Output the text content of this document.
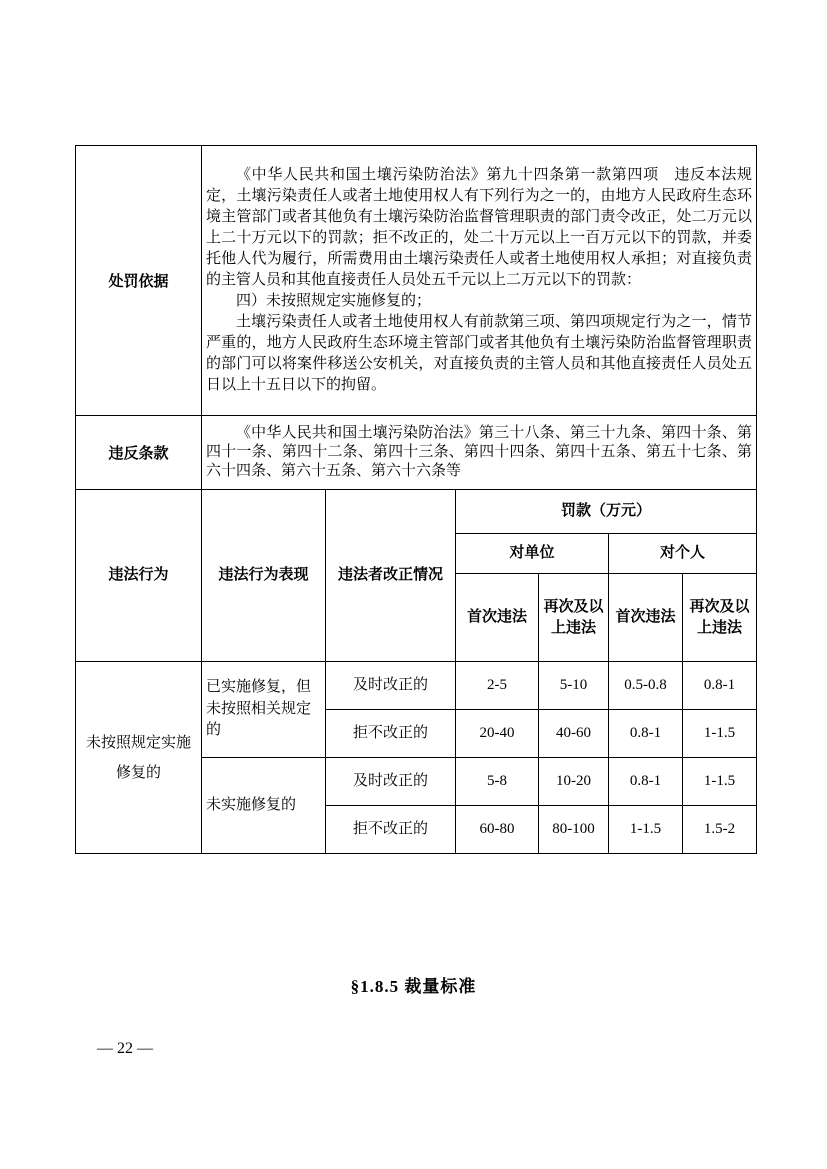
处罚依据	《中华人民共和国土壤污染防治法》第九十四条第一款第四项　违反本法规定，土壤污染责任人或者土地使用权人有下列行为之一的，由地方人民政府生态环境主管部门或者其他负有土壤污染防治监督管理职责的部门责令改正，处二万元以上二十万元以下的罚款；拒不改正的，处二十万元以上一百万元以下的罚款，并委托他人代为履行，所需费用由土壤污染责任人或者土地使用权人承担；对直接负责的主管人员和其他直接责任人员处五千元以上二万元以下的罚款：

四）未按照规定实施修复的；

土壤污染责任人或者土地使用权人有前款第三项、第四项规定行为之一，情节严重的，地方人民政府生态环境主管部门或者其他负有土壤污染防治监督管理职责的部门可以将案件移送公安机关，对直接负责的主管人员和其他直接责任人员处五日以上十五日以下的拘留。					

违反条款	《中华人民共和国土壤污染防治法》第三十八条、第三十九条、第四十条、第四十一条、第四十二条、第四十三条、第四十四条、第四十五条、第五十七条、第六十四条、第六十五条、第六十六条等					

违法行为	违法行为表现	违法者改正情况	罚款（万元）			
			对单位		对个人	
			首次违法	再次及以上违法	首次违法	再次及以上违法
未按照规定实施修复的	已实施修复，但未按照相关规定的	及时改正的	2-5	5-10	0.5-0.8	0.8-1
		拒不改正的	20-40	40-60	0.8-1	1-1.5
	未实施修复的	及时改正的	5-8	10-20	0.8-1	1-1.5
		拒不改正的	60-80	80-100	1-1.5	1.5-2
§1.8.5 裁量标准
— 22 —
